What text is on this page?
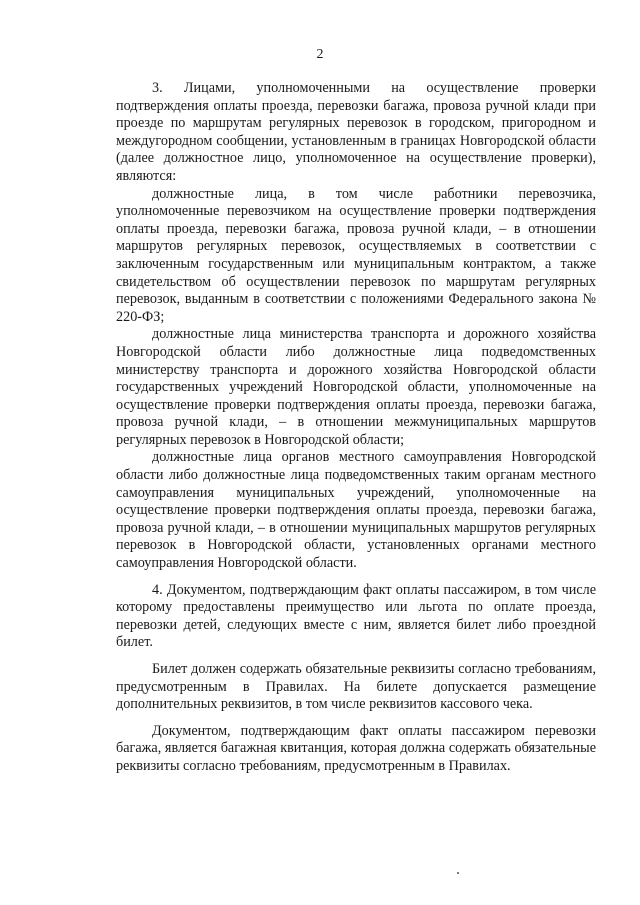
2

3. Лицами, уполномоченными на осуществление проверки подтверждения оплаты проезда, перевозки багажа, провоза ручной клади при проезде по маршрутам регулярных перевозок в городском, пригородном и междугородном сообщении, установленным в границах Новгородской области (далее должностное лицо, уполномоченное на осуществление проверки), являются:

должностные лица, в том числе работники перевозчика, уполномоченные перевозчиком на осуществление проверки подтверждения оплаты проезда, перевозки багажа, провоза ручной клади, – в отношении маршрутов регулярных перевозок, осуществляемых в соответствии с заключенным государственным или муниципальным контрактом, а также свидетельством об осуществлении перевозок по маршрутам регулярных перевозок, выданным в соответствии с положениями Федерального закона № 220-ФЗ;

должностные лица министерства транспорта и дорожного хозяйства Новгородской области либо должностные лица подведомственных министерству транспорта и дорожного хозяйства Новгородской области государственных учреждений Новгородской области, уполномоченные на осуществление проверки подтверждения оплаты проезда, перевозки багажа, провоза ручной клади, – в отношении межмуниципальных маршрутов регулярных перевозок в Новгородской области;

должностные лица органов местного самоуправления Новгородской области либо должностные лица подведомственных таким органам местного самоуправления муниципальных учреждений, уполномоченные на осуществление проверки подтверждения оплаты проезда, перевозки багажа, провоза ручной клади, – в отношении муниципальных маршрутов регулярных перевозок в Новгородской области, установленных органами местного самоуправления Новгородской области.

4. Документом, подтверждающим факт оплаты пассажиром, в том числе которому предоставлены преимущество или льгота по оплате проезда, перевозки детей, следующих вместе с ним, является билет либо проездной билет.

Билет должен содержать обязательные реквизиты согласно требованиям, предусмотренным в Правилах. На билете допускается размещение дополнительных реквизитов, в том числе реквизитов кассового чека.

Документом, подтверждающим факт оплаты пассажиром перевозки багажа, является багажная квитанция, которая должна содержать обязательные реквизиты согласно требованиям, предусмотренным в Правилах.
